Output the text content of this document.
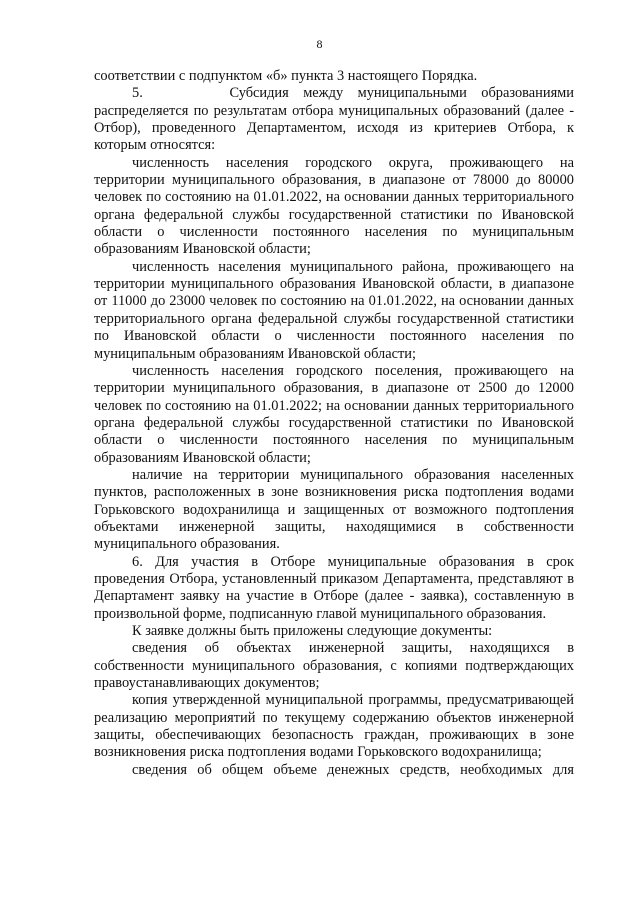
8

соответствии с подпунктом «б» пункта 3 настоящего Порядка.

5.      Субсидия между муниципальными образованиями распределяется по результатам отбора муниципальных образований (далее - Отбор), проведенного Департаментом, исходя из критериев Отбора, к которым относятся:

численность населения городского округа, проживающего на территории муниципального образования, в диапазоне от 78000 до 80000 человек по состоянию на 01.01.2022, на основании данных территориального органа федеральной службы государственной статистики по Ивановской области о численности постоянного населения по муниципальным образованиям Ивановской области;

численность населения муниципального района, проживающего на территории муниципального образования Ивановской области, в диапазоне от 11000 до 23000 человек по состоянию на 01.01.2022, на основании данных территориального органа федеральной службы государственной статистики по Ивановской области о численности постоянного населения по муниципальным образованиям Ивановской области;

численность населения городского поселения, проживающего на территории муниципального образования, в диапазоне от 2500 до 12000 человек по состоянию на 01.01.2022; на основании данных территориального органа федеральной службы государственной статистики по Ивановской области о численности постоянного населения по муниципальным образованиям Ивановской области;

наличие на территории муниципального образования населенных пунктов, расположенных в зоне возникновения риска подтопления водами Горьковского водохранилища и защищенных от возможного подтопления объектами инженерной защиты, находящимися в собственности муниципального образования.

6. Для участия в Отборе муниципальные образования в срок проведения Отбора, установленный приказом Департамента, представляют в Департамент заявку на участие в Отборе (далее - заявка), составленную в произвольной форме, подписанную главой муниципального образования.

К заявке должны быть приложены следующие документы:

сведения об объектах инженерной защиты, находящихся в собственности муниципального образования, с копиями подтверждающих правоустанавливающих документов;

копия утвержденной муниципальной программы, предусматривающей реализацию мероприятий по текущему содержанию объектов инженерной защиты, обеспечивающих безопасность граждан, проживающих в зоне возникновения риска подтопления водами Горьковского водохранилища;

сведения об общем объеме денежных средств, необходимых для
